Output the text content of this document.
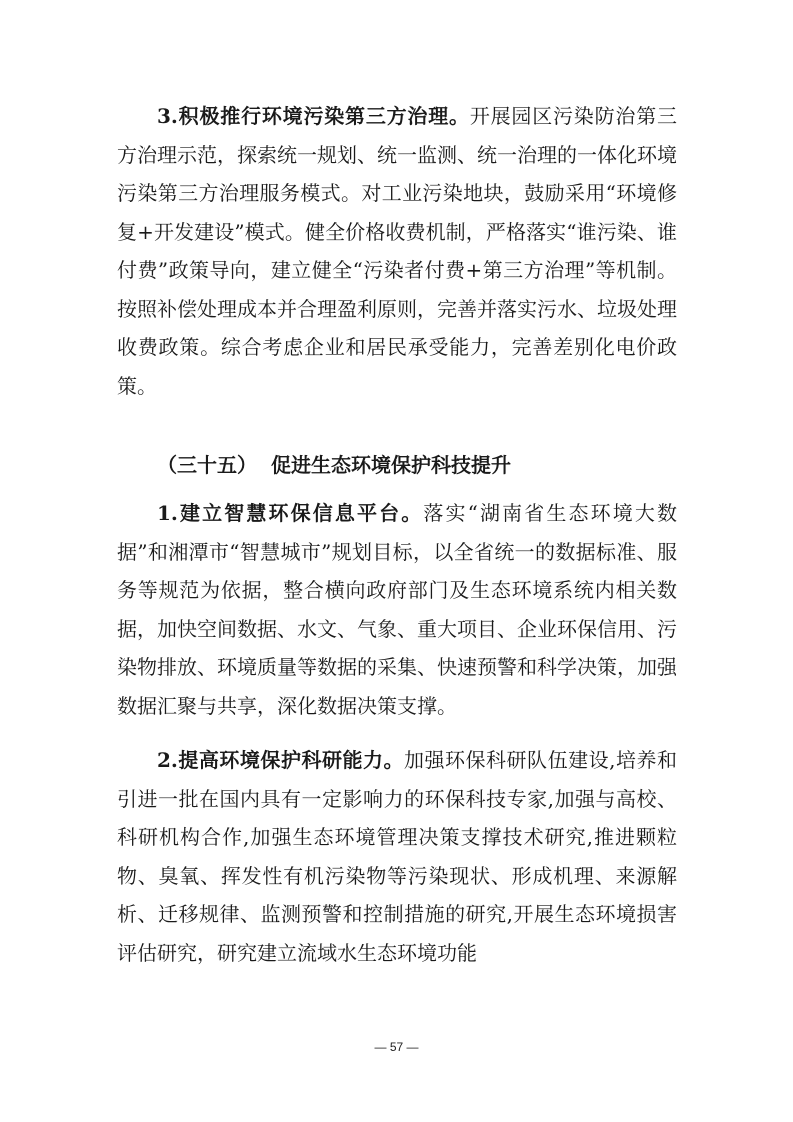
3.积极推行环境污染第三方治理。开展园区污染防治第三方治理示范，探索统一规划、统一监测、统一治理的一体化环境污染第三方治理服务模式。对工业污染地块，鼓励采用“环境修复+开发建设”模式。健全价格收费机制，严格落实“谁污染、谁付费”政策导向，建立健全“污染者付费+第三方治理”等机制。按照补偿处理成本并合理盈利原则，完善并落实污水、垃圾处理收费政策。综合考虑企业和居民承受能力，完善差别化电价政策。

（三十五） 促进生态环境保护科技提升

1.建立智慧环保信息平台。落实“湖南省生态环境大数据”和湘潭市“智慧城市”规划目标，以全省统一的数据标准、服务等规范为依据，整合横向政府部门及生态环境系统内相关数据，加快空间数据、水文、气象、重大项目、企业环保信用、污染物排放、环境质量等数据的采集、快速预警和科学决策，加强数据汇聚与共享，深化数据决策支撑。

2.提高环境保护科研能力。加强环保科研队伍建设,培养和引进一批在国内具有一定影响力的环保科技专家,加强与高校、科研机构合作,加强生态环境管理决策支撑技术研究,推进颗粒物、臭氧、挥发性有机污染物等污染现状、形成机理、来源解析、迁移规律、监测预警和控制措施的研究,开展生态环境损害评估研究，研究建立流域水生态环境功能

— 57 —
